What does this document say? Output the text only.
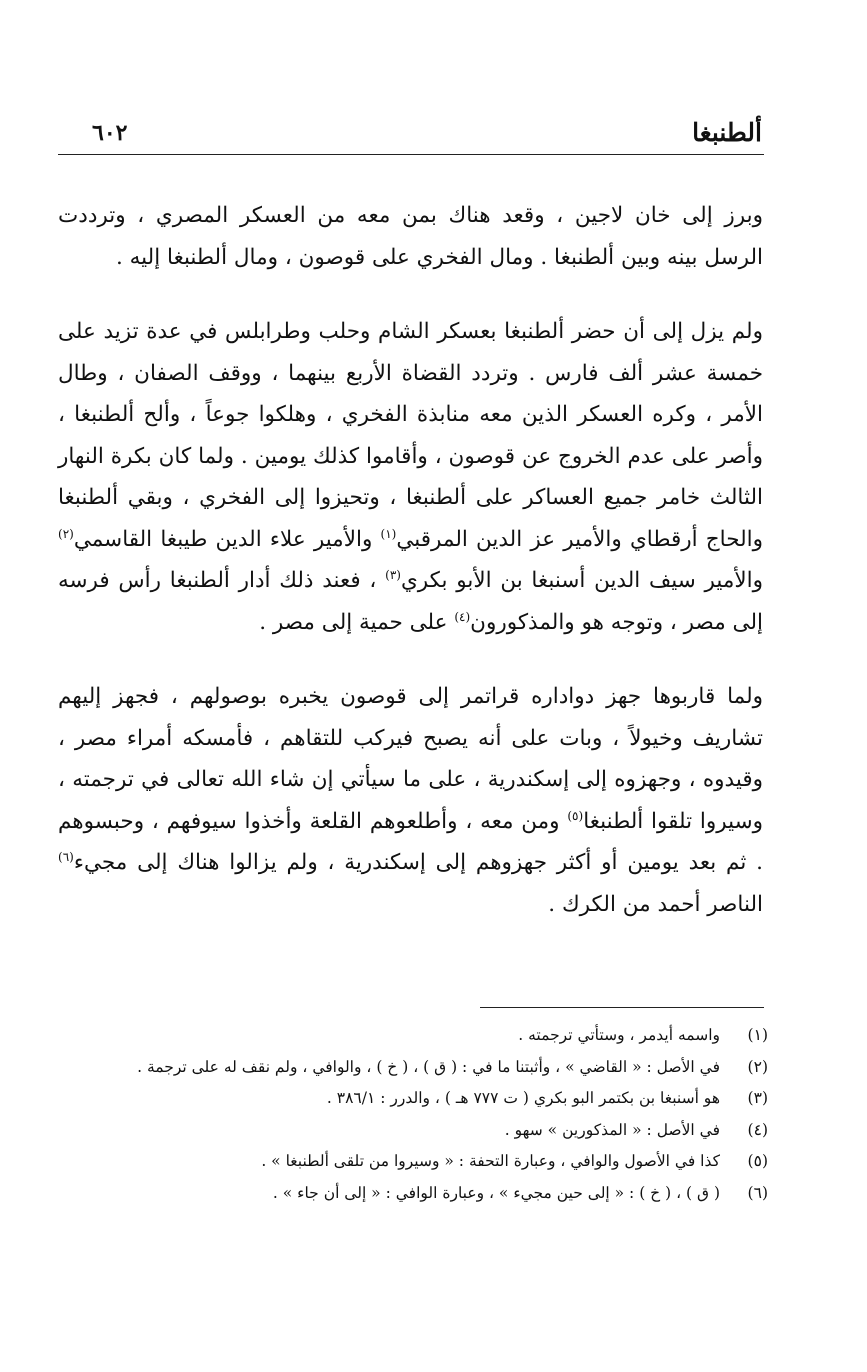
ألطنبغا
٦٠٢

وبرز إلى خان لاجين ، وقعد هناك بمن معه من العسكر المصري ، وترددت الرسل بينه وبين ألطنبغا . ومال الفخري على قوصون ، ومال ألطنبغا إليه .

ولم يزل إلى أن حضر ألطنبغا بعسكر الشام وحلب وطرابلس في عدة تزيد على خمسة عشر ألف فارس . وتردد القضاة الأربع بينهما ، ووقف الصفان ، وطال الأمر ، وكره العسكر الذين معه منابذة الفخري ، وهلكوا جوعاً ، وألح ألطنبغا ، وأصر على عدم الخروج عن قوصون ، وأقاموا كذلك يومين . ولما كان بكرة النهار الثالث خامر جميع العساكر على ألطنبغا ، وتحيزوا إلى الفخري ، وبقي ألطنبغا والحاج أرقطاي والأمير عز الدين المرقبي$^{(١)}$ والأمير علاء الدين طيبغا القاسمي$^{(٢)}$ والأمير سيف الدين أسنبغا بن الأبو بكري$^{(٣)}$ ، فعند ذلك أدار ألطنبغا رأس فرسه إلى مصر ، وتوجه هو والمذكورون$^{(٤)}$ على حمية إلى مصر .

ولما قاربوها جهز دواداره قراتمر إلى قوصون يخبره بوصولهم ، فجهز إليهم تشاريف وخيولاً ، وبات على أنه يصبح فيركب للتقاهم ، فأمسكه أمراء مصر ، وقيدوه ، وجهزوه إلى إسكندرية ، على ما سيأتي إن شاء الله تعالى في ترجمته ، وسيروا تلقوا ألطنبغا$^{(٥)}$ ومن معه ، وأطلعوهم القلعة وأخذوا سيوفهم ، وحبسوهم . ثم بعد يومين أو أكثر جهزوهم إلى إسكندرية ، ولم يزالوا هناك إلى مجيء$^{(٦)}$ الناصر أحمد من الكرك .

(١)
واسمه أيدمر ، وستأتي ترجمته .
(٢)
في الأصل : « القاضي » ، وأثبتنا ما في : ( ق ) ، ( خ ) ، والوافي ، ولم نقف له على ترجمة .
(٣)
هو أسنبغا بن بكتمر البو بكري ( ت ٧٧٧ هـ ) ، والدرر : ٣٨٦/١ .
(٤)
في الأصل : « المذكورين » سهو .
(٥)
كذا في الأصول والوافي ، وعبارة التحفة : « وسيروا من تلقى ألطنبغا » .
(٦)
( ق ) ، ( خ ) : « إلى حين مجيء » ، وعبارة الوافي : « إلى أن جاء » .
